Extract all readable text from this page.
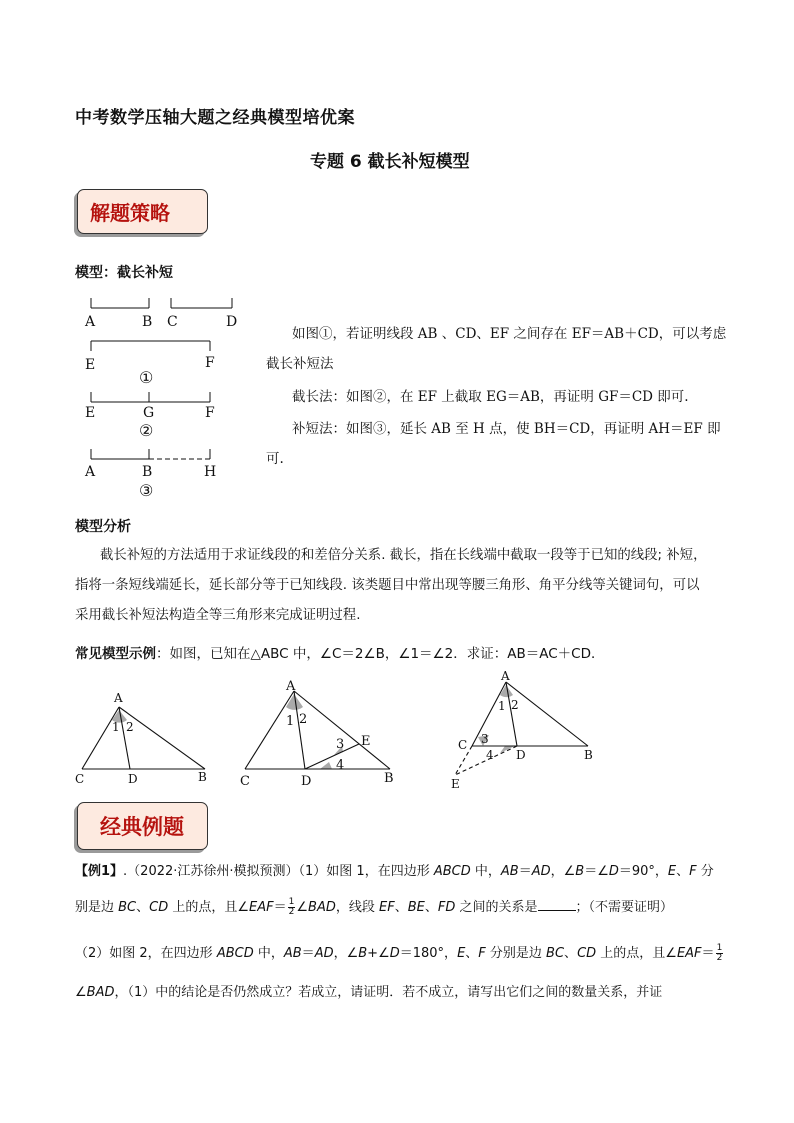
中考数学压轴大题之经典模型培优案
专题 6 截长补短模型
解题策略
模型：截长补短
A	B C	D
E	F
①
E	G	F
②
A	B	H
③
如图①，若证明线段 AB 、CD、EF 之间存在 EF＝AB＋CD，可以考虑
截长补短法
截长法：如图②，在 EF 上截取 EG＝AB，再证明 GF＝CD 即可.
补短法：如图③，延长 AB 至 H 点，使 BH＝CD，再证明 AH＝EF 即
可.
模型分析
截长补短的方法适用于求证线段的和差倍分关系. 截长，指在长线端中截取一段等于已知的线段; 补短，
指将一条短线端延长，延长部分等于已知线段. 该类题目中常出现等腰三角形、角平分线等关键词句，可以
采用截长补短法构造全等三角形来完成证明过程.
常见模型示例：如图，已知在△ABC 中，∠C＝2∠B，∠1＝∠2．求证：AB＝AC＋CD．
A
1 2
C	D	B
A
1 2
3 E
4
C	D	B
A
1 2
C 3
4 D	B
E
经典例题
【例1】.（2022·江苏徐州·模拟预测）（1）如图 1，在四边形 ABCD 中，AB＝AD，∠B＝∠D＝90°，E、F 分
别是边 BC、CD 上的点，且∠EAF＝ $\frac{1}{2}$ ∠BAD，线段 EF、BE、FD 之间的关系是	；（不需要证明）
（2）如图 2，在四边形 ABCD 中，AB＝AD，∠B+∠D＝180°，E、F 分别是边 BC、CD 上的点，且∠EAF＝ $\frac{1}{2}$
∠BAD，（1）中的结论是否仍然成立？若成立，请证明．若不成立，请写出它们之间的数量关系，并证
